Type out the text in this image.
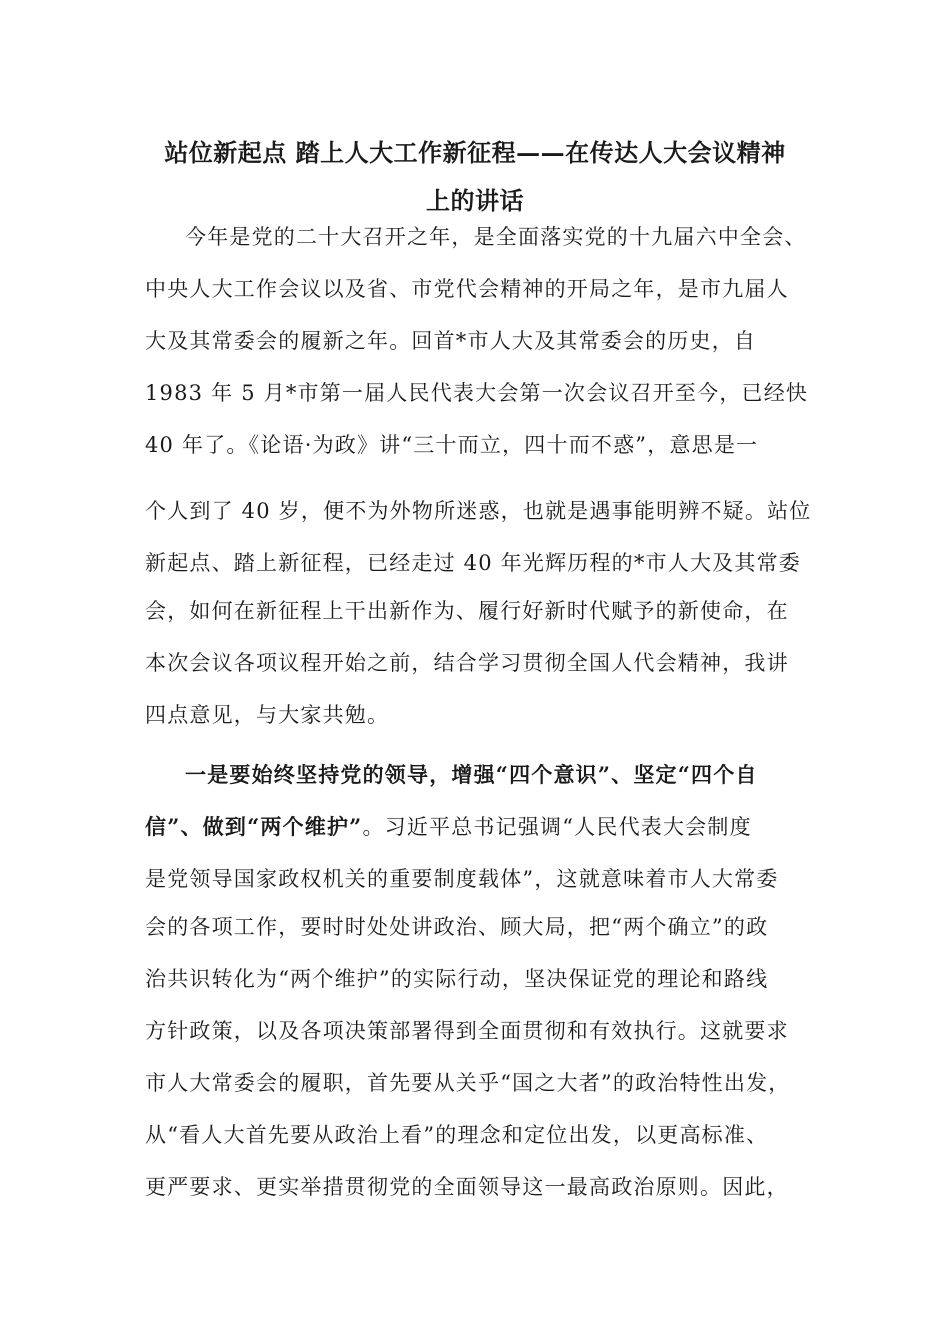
站位新起点 踏上人大工作新征程——在传达人大会议精神
上的讲话
今年是党的二十大召开之年，是全面落实党的十九届六中全会、
中央人大工作会议以及省、市党代会精神的开局之年，是市九届人
大及其常委会的履新之年。回首*市人大及其常委会的历史，自
1983 年 5 月*市第一届人民代表大会第一次会议召开至今，已经快
40 年了。《论语·为政》讲“三十而立，四十而不惑”，意思是一
个人到了 40 岁，便不为外物所迷惑，也就是遇事能明辨不疑。站位
新起点、踏上新征程，已经走过 40 年光辉历程的*市人大及其常委
会，如何在新征程上干出新作为、履行好新时代赋予的新使命，在
本次会议各项议程开始之前，结合学习贯彻全国人代会精神，我讲
四点意见，与大家共勉。
一是要始终坚持党的领导，增强“四个意识”、坚定“四个自
信”、做到“两个维护”。习近平总书记强调“人民代表大会制度
是党领导国家政权机关的重要制度载体”，这就意味着市人大常委
会的各项工作，要时时处处讲政治、顾大局，把“两个确立”的政
治共识转化为“两个维护”的实际行动，坚决保证党的理论和路线
方针政策，以及各项决策部署得到全面贯彻和有效执行。这就要求
市人大常委会的履职，首先要从关乎“国之大者”的政治特性出发，
从“看人大首先要从政治上看”的理念和定位出发，以更高标准、
更严要求、更实举措贯彻党的全面领导这一最高政治原则。因此，
